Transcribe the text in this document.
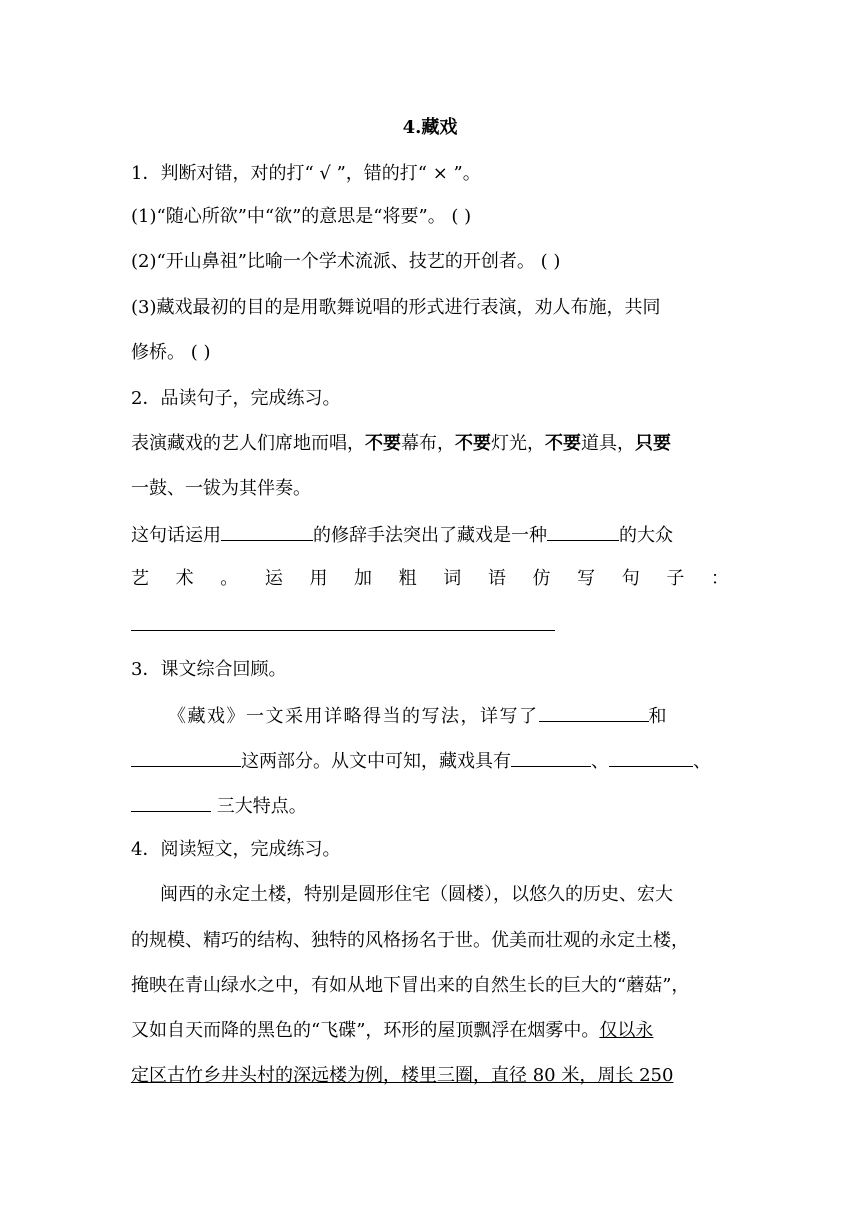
4.藏戏
1．判断对错，对的打“ √ ”，错的打“ × ”。
(1)“随心所欲”中“欲”的意思是“将要”。 ( )
(2)“开山鼻祖”比喻一个学术流派、技艺的开创者。 ( )
(3)藏戏最初的目的是用歌舞说唱的形式进行表演，劝人布施，共同
修桥。 ( )
2．品读句子，完成练习。
表演藏戏的艺人们席地而唱，不要幕布，不要灯光，不要道具，只要
一鼓、一钹为其伴奏。
这句话运用	的修辞手法突出了藏戏是一种	的大众
艺 术 。 运 用 加 粗 词 语 仿 写 句 子 ：
3．课文综合回顾。
《藏戏》一文采用详略得当的写法，详写了	和
这两部分。从文中可知，藏戏具有	、	、
三大特点。
4．阅读短文，完成练习。
闽西的永定土楼，特别是圆形住宅（圆楼），以悠久的历史、宏大
的规模、精巧的结构、独特的风格扬名于世。优美而壮观的永定土楼，
掩映在青山绿水之中，有如从地下冒出来的自然生长的巨大的“蘑菇”，
又如自天而降的黑色的“飞碟”，环形的屋顶飘浮在烟雾中。仅以永
定区古竹乡井头村的深远楼为例，楼里三圈，直径 80 米，周长 250
